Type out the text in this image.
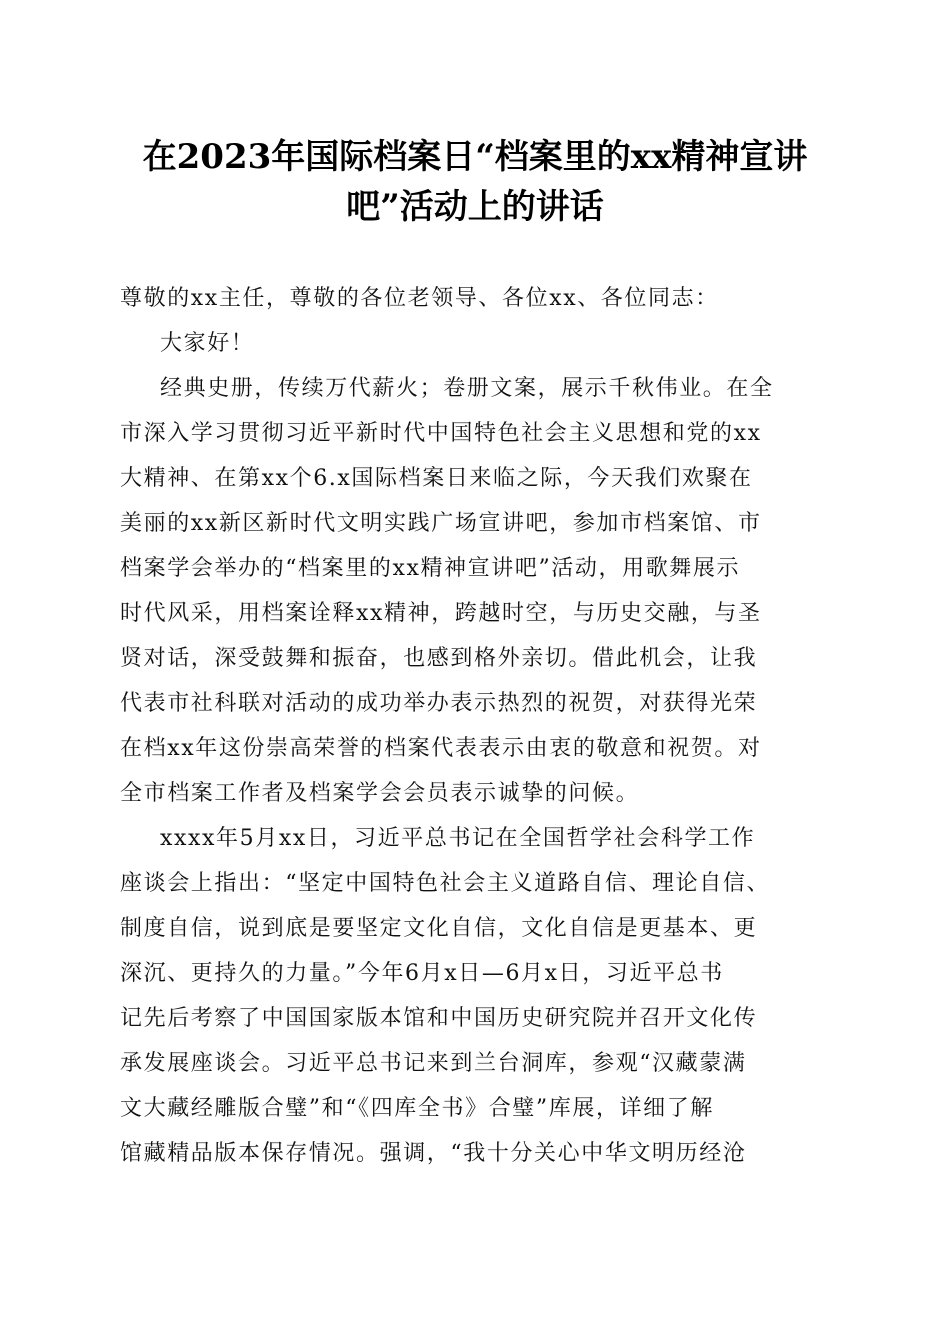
在2023年国际档案日“档案里的xx精神宣讲
吧”活动上的讲话
尊敬的xx主任，尊敬的各位老领导、各位xx、各位同志：
大家好！
经典史册，传续万代薪火；卷册文案，展示千秋伟业。在全
市深入学习贯彻习近平新时代中国特色社会主义思想和党的xx
大精神、在第xx个6.x国际档案日来临之际，今天我们欢聚在
美丽的xx新区新时代文明实践广场宣讲吧，参加市档案馆、市
档案学会举办的“档案里的xx精神宣讲吧”活动，用歌舞展示
时代风采，用档案诠释xx精神，跨越时空，与历史交融，与圣
贤对话，深受鼓舞和振奋，也感到格外亲切。借此机会，让我
代表市社科联对活动的成功举办表示热烈的祝贺，对获得光荣
在档xx年这份崇高荣誉的档案代表表示由衷的敬意和祝贺。对
全市档案工作者及档案学会会员表示诚挚的问候。
xxxx年5月xx日，习近平总书记在全国哲学社会科学工作
座谈会上指出：“坚定中国特色社会主义道路自信、理论自信、
制度自信，说到底是要坚定文化自信，文化自信是更基本、更
深沉、更持久的力量。”今年6月x日—6月x日，习近平总书
记先后考察了中国国家版本馆和中国历史研究院并召开文化传
承发展座谈会。习近平总书记来到兰台洞库，参观“汉藏蒙满
文大藏经雕版合璧”和“《四库全书》合璧”库展，详细了解
馆藏精品版本保存情况。强调，“我十分关心中华文明历经沧
